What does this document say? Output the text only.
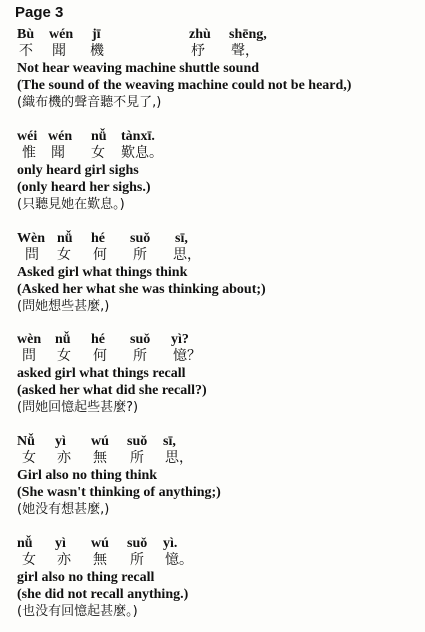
Page 3
Bù wén jī	zhù shēng,
不 聞 機	杼 聲，
Not hear weaving machine shuttle sound
(The sound of the weaving machine could not be heard,)
(織布機的聲音聽不見了,)
wéi wén nǚ tànxī.
惟 聞 女 歎息。
only heard girl sighs
(only heard her sighs.)
(只聽見她在歎息。)
Wèn nǚ hé suǒ sī,
問 女 何 所 思，
Asked girl what things think
(Asked her what she was thinking about;)
(問她想些甚麼,)
wèn nǚ hé suǒ yì?
問 女 何 所 憶？
asked girl what things recall
(asked her what did she recall?)
(問她回憶起些甚麼?)
Nǚ yì wú suǒ sī,
女 亦 無 所 思，
Girl also no thing think
(She wasn't thinking of anything;)
(她没有想甚麼,)
nǚ yì wú suǒ yì.
女 亦 無 所 憶。
girl also no thing recall
(she did not recall anything.)
(也没有回憶起甚麼。)
